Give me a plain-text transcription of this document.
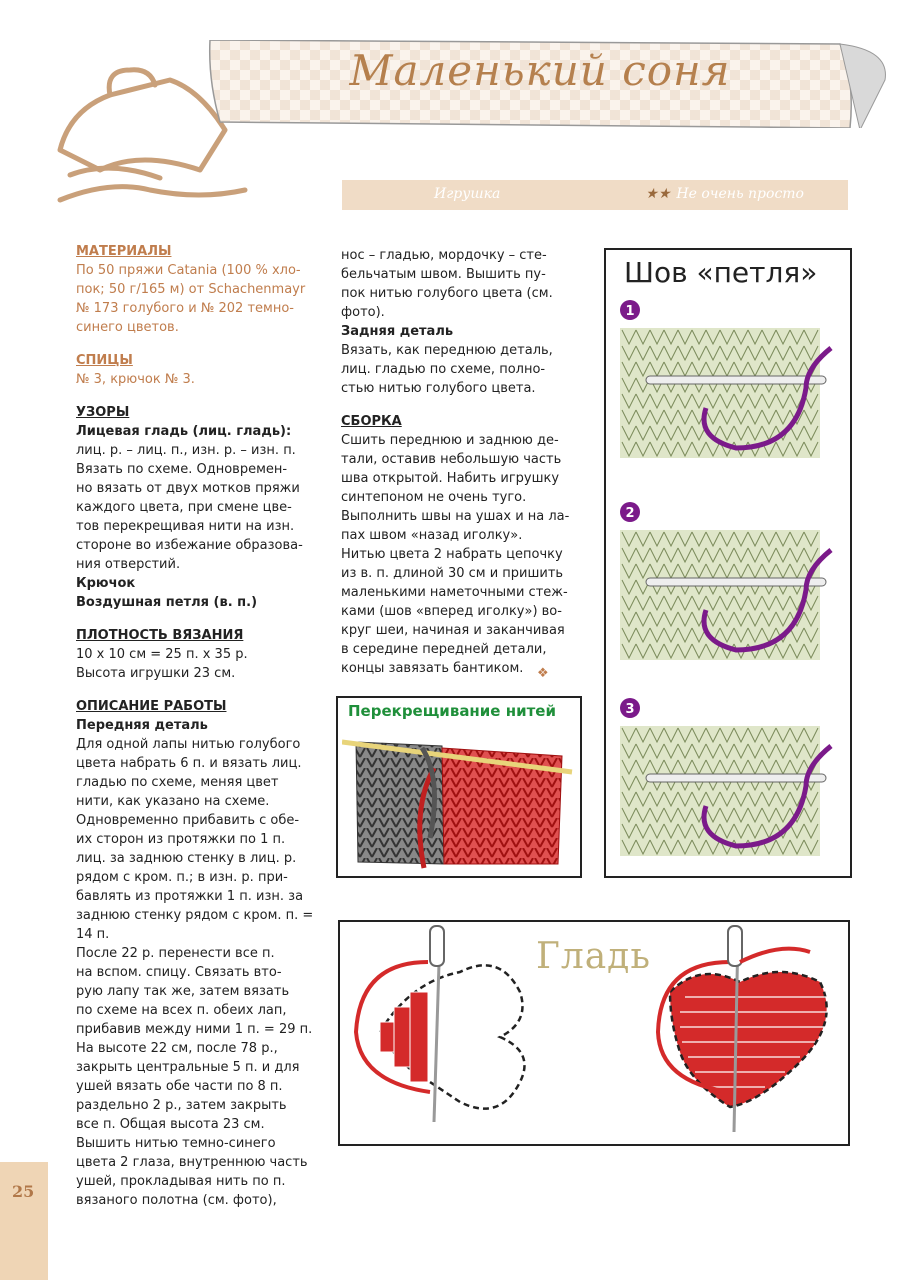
Маленький соня
Игрушка	★★ Не очень просто

МАТЕРИАЛЫ

По 50 пряжи Catania (100 % хло-

пок; 50 г/165 м) от Schachenmayr

№ 173 голубого и № 202 темно-

синего цветов.

СПИЦЫ

№ 3, крючок № 3.

УЗОРЫ

Лицевая гладь (лиц. гладь):

лиц. р. – лиц. п., изн. р. – изн. п.

Вязать по схеме. Одновремен-

но вязать от двух мотков пряжи

каждого цвета, при смене цве-

тов перекрещивая нити на изн.

стороне во избежание образова-

ния отверстий.

Крючок

Воздушная петля (в. п.)

ПЛОТНОСТЬ ВЯЗАНИЯ

10 х 10 см = 25 п. х 35 р.

Высота игрушки 23 см.

ОПИСАНИЕ РАБОТЫ

Передняя деталь

Для одной лапы нитью голубого

цвета набрать 6 п. и вязать лиц.

гладью по схеме, меняя цвет

нити, как указано на схеме.

Одновременно прибавить с обе-

их сторон из протяжки по 1 п.

лиц. за заднюю стенку в лиц. р.

рядом с кром. п.; в изн. р. при-

бавлять из протяжки 1 п. изн. за

заднюю стенку рядом с кром. п. =

14 п.

После 22 р. перенести все п.

на вспом. спицу. Связать вто-

рую лапу так же, затем вязать

по схеме на всех п. обеих лап,

прибавив между ними 1 п. = 29 п.

На высоте 22 см, после 78 р.,

закрыть центральные 5 п. и для

ушей вязать обе части по 8 п.

раздельно 2 р., затем закрыть

все п. Общая высота 23 см.

Вышить нитью темно-синего

цвета 2 глаза, внутреннюю часть

ушей, прокладывая нить по п.

вязаного полотна (см. фото),

нос – гладью, мордочку – сте-

бельчатым швом. Вышить пу-

пок нитью голубого цвета (см.

фото).

Задняя деталь

Вязать, как переднюю деталь,

лиц. гладью по схеме, полно-

стью нитью голубого цвета.

СБОРКА

Сшить переднюю и заднюю де-

тали, оставив небольшую часть

шва открытой. Набить игрушку

синтепоном не очень туго.

Выполнить швы на ушах и на ла-

пах швом «назад иголку».

Нитью цвета 2 набрать цепочку

из в. п. длиной 30 см и пришить

маленькими наметочными стеж-

ками (шов «вперед иголку») во-

круг шеи, начиная и заканчивая

в середине передней детали,

концы завязать бантиком.	❖
Перекрещивание нитей
Шов «петля»
1
2
3
Гладь
25
